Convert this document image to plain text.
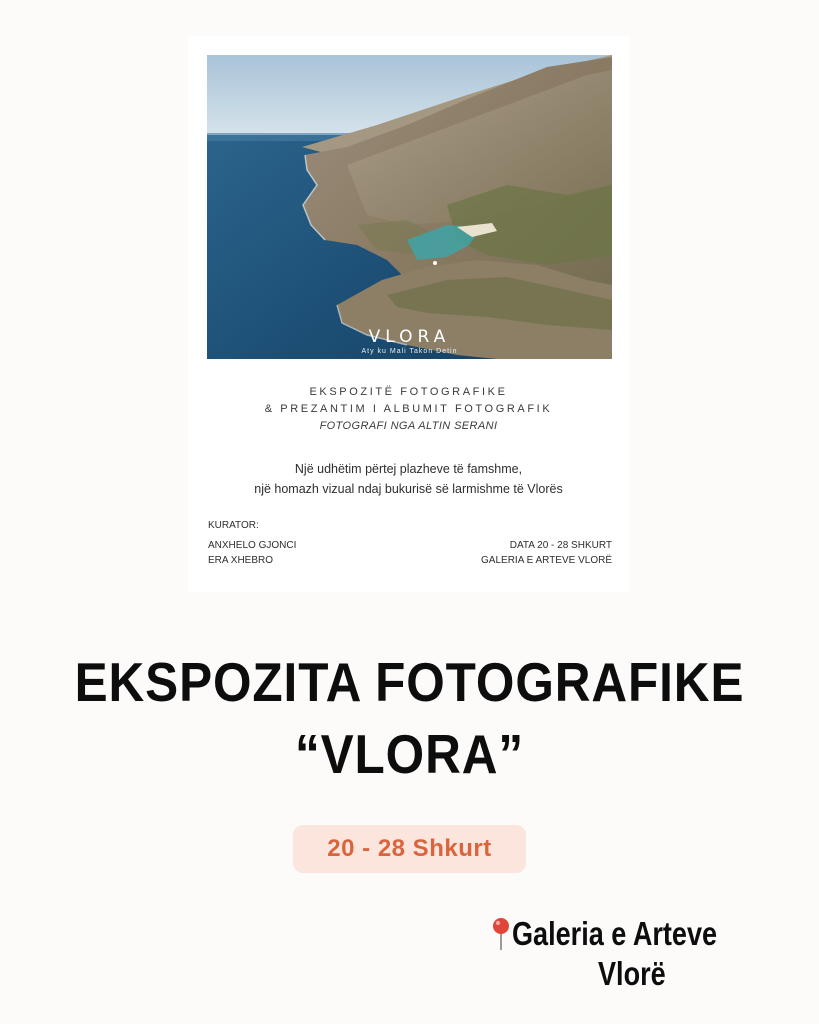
VLORA
Aty ku Mali Takon Detin
EKSPOZITË FOTOGRAFIKE
& PREZANTIM I ALBUMIT FOTOGRAFIK
FOTOGRAFI NGA ALTIN SERANI
Një udhëtim përtej plazheve të famshme,
një homazh vizual ndaj bukurisë së larmishme të Vlorës
KURATOR:
ANXHELO GJONCI
ERA XHEBRO
DATA 20 - 28 SHKURT
GALERIA E ARTEVE VLORË
EKSPOZITA FOTOGRAFIKE
“VLORA”
20 - 28 Shkurt
Galeria e Arteve
Vlorë
